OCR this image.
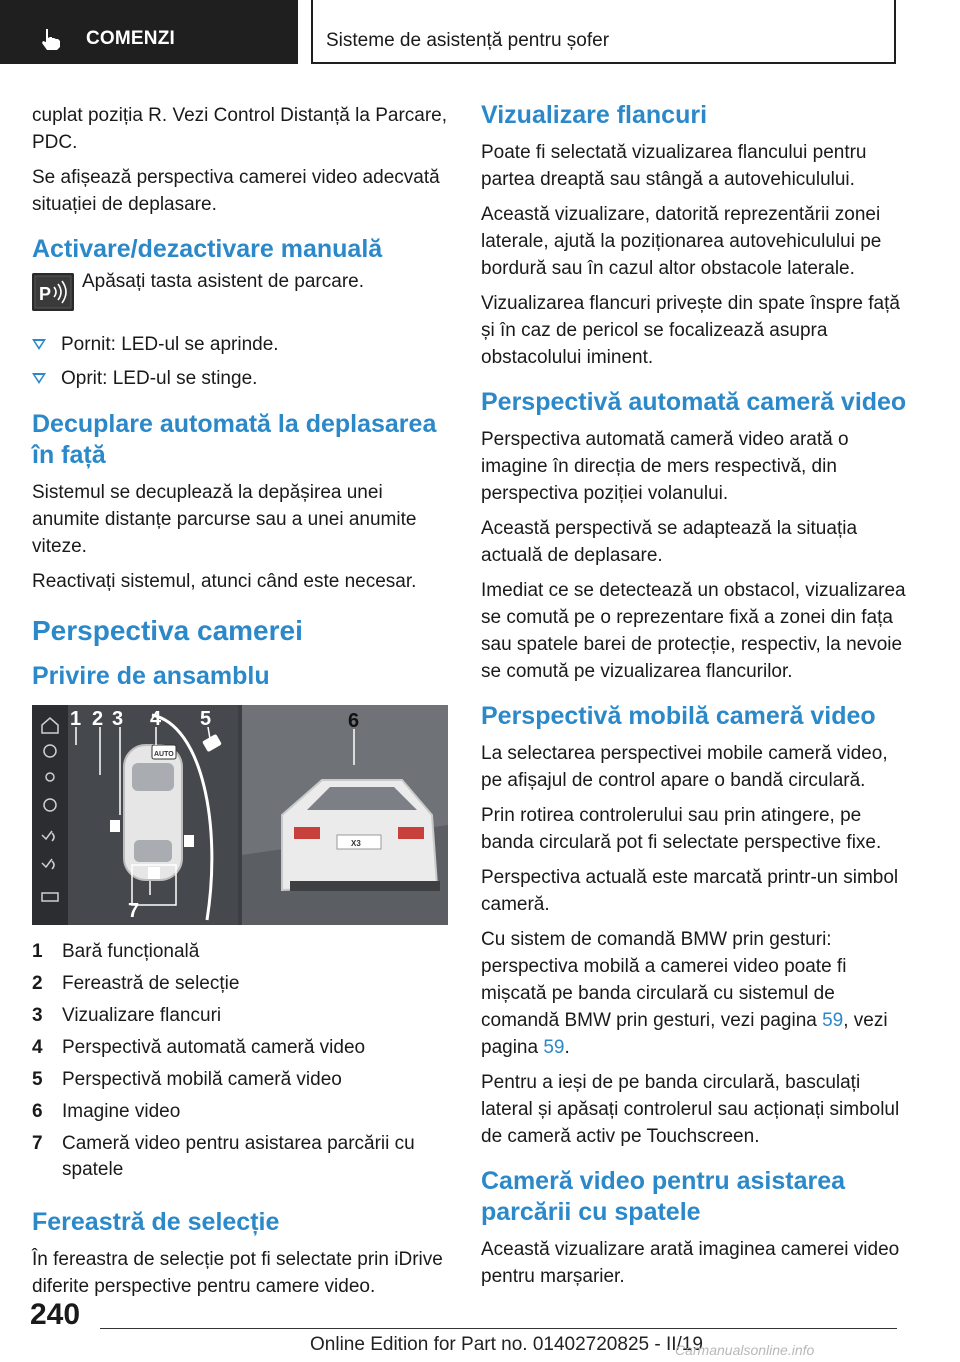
COMENZI	Sisteme de asistență pentru șofer

cuplat poziția R. Vezi Control Distanță la Parcare, PDC.

Se afișează perspectiva camerei video adecvată situației de deplasare.

Activare/dezactivare manuală
P
Apăsați tasta asistent de parcare.
Pornit: LED-ul se aprinde.
Oprit: LED-ul se stinge.
Decuplare automată la deplasarea în față

Sistemul se decuplează la depășirea unei anumite distanțe parcurse sau a unei anumite viteze.

Reactivați sistemul, atunci când este necesar.

Perspectiva camerei
Privire de ansamblu
AUTO
1 2 3 4 5	6
7
X3
1 Bară funcțională
2 Fereastră de selecție
3 Vizualizare flancuri
4 Perspectivă automată cameră video
5 Perspectivă mobilă cameră video
6 Imagine video
7 Cameră video pentru asistarea parcării cu spatele
Fereastră de selecție

În fereastra de selecție pot fi selectate prin iDrive diferite perspective pentru camere video.

Vizualizare flancuri

Poate fi selectată vizualizarea flancului pentru partea dreaptă sau stângă a autovehiculului.

Această vizualizare, datorită reprezentării zonei laterale, ajută la poziționarea autovehiculului pe bordură sau în cazul altor obstacole laterale.

Vizualizarea flancuri privește din spate înspre față și în caz de pericol se focalizează asupra obstacolului iminent.

Perspectivă automată cameră video

Perspectiva automată cameră video arată o imagine în direcția de mers respectivă, din perspectiva poziției volanului.

Această perspectivă se adaptează la situația actuală de deplasare.

Imediat ce se detectează un obstacol, vizualizarea se comută pe o reprezentare fixă a zonei din fața sau spatele barei de protecție, respectiv, la nevoie se comută pe vizualizarea flancurilor.

Perspectivă mobilă cameră video

La selectarea perspectivei mobile cameră video, pe afișajul de control apare o bandă circulară.

Prin rotirea controlerului sau prin atingere, pe banda circulară pot fi selectate perspective fixe.

Perspectiva actuală este marcată printr-un simbol cameră.

Cu sistem de comandă BMW prin gesturi: perspectiva mobilă a camerei video poate fi mișcată pe banda circulară cu sistemul de comandă BMW prin gesturi, vezi pagina 59, vezi pagina 59.

Pentru a ieși de pe banda circulară, basculați lateral și apăsați controlerul sau acționați simbolul de cameră activ pe Touchscreen.

Cameră video pentru asistarea parcării cu spatele

Această vizualizare arată imaginea camerei video pentru marșarier.

240
Online Edition for Part no. 01402720825 - II/19
Carmanualsonline.info
